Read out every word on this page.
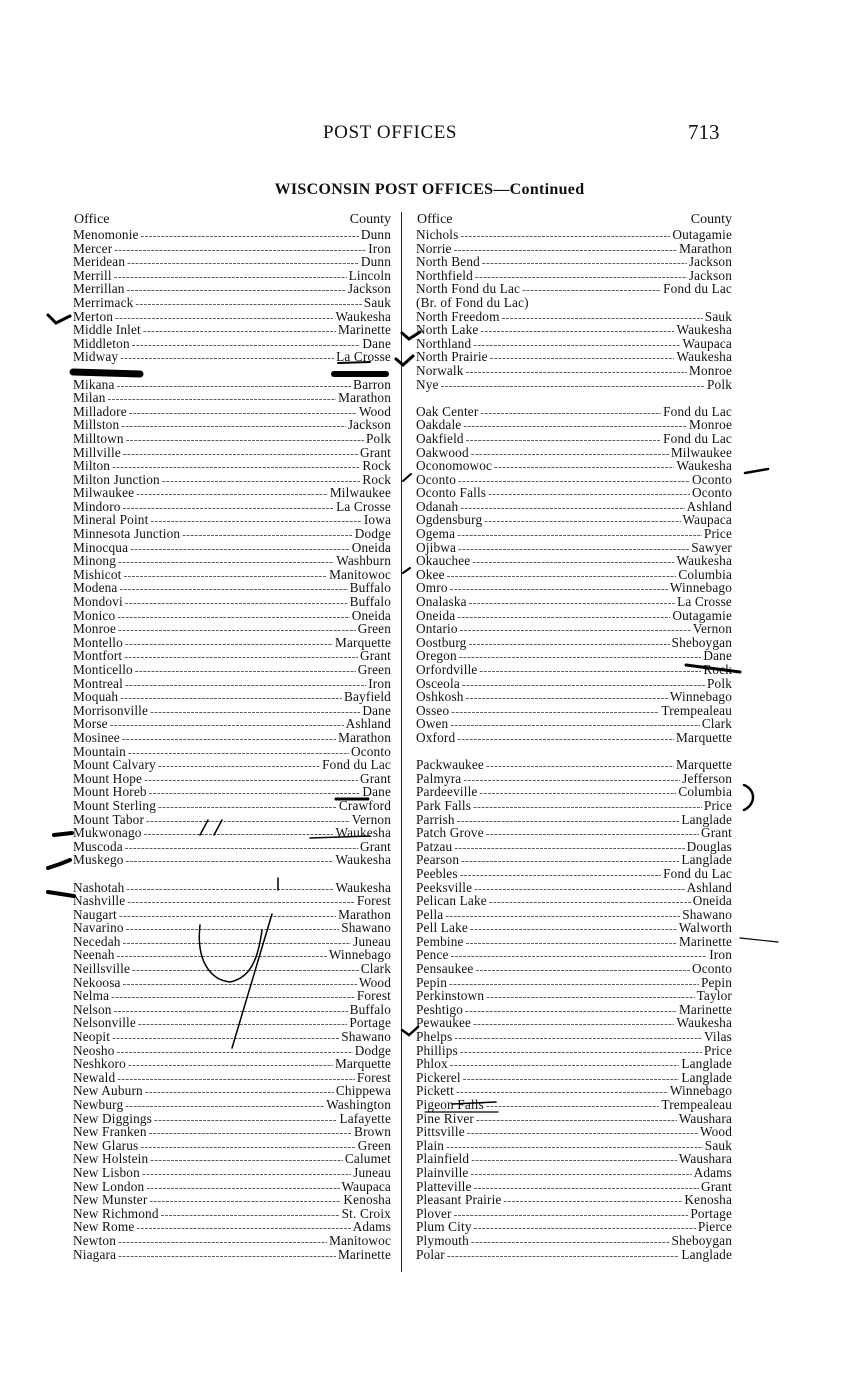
POST OFFICES	713
WISCONSIN POST OFFICES—Continued
Office	County
Menomonie -----	Dunn
Mercer -----	Iron
Meridean -----	Dunn
Merrill -----	Lincoln
Merrillan -----	Jackson
Merrimack -----	Sauk
Merton -----	Waukesha
Middle Inlet -----	Marinette
Middleton -----	Dane
Midway -----	La Crosse
Mikana -----	Barron
Milan -----	Marathon
Milladore -----	Wood
Millston -----	Jackson
Milltown -----	Polk
Millville -----	Grant
Milton -----	Rock
Milton Junction -----	Rock
Milwaukee -----	Milwaukee
Mindoro -----	La Crosse
Mineral Point -----	Iowa
Minnesota Junction -----	Dodge
Minocqua -----	Oneida
Minong -----	Washburn
Mishicot -----	Manitowoc
Modena -----	Buffalo
Mondovi -----	Buffalo
Monico -----	Oneida
Monroe -----	Green
Montello -----	Marquette
Montfort -----	Grant
Monticello -----	Green
Montreal -----	Iron
Moquah -----	Bayfield
Morrisonville -----	Dane
Morse -----	Ashland
Mosinee -----	Marathon
Mountain -----	Oconto
Mount Calvary -----	Fond du Lac
Mount Hope -----	Grant
Mount Horeb -----	Dane
Mount Sterling -----	Crawford
Mount Tabor -----	Vernon
Mukwonago -----	Waukesha
Muscoda -----	Grant
Muskego -----	Waukesha
Nashotah -----	Waukesha
Nashville -----	Forest
Naugart -----	Marathon
Navarino -----	Shawano
Necedah -----	Juneau
Neenah -----	Winnebago
Neillsville -----	Clark
Nekoosa -----	Wood
Nelma -----	Forest
Nelson -----	Buffalo
Nelsonville -----	Portage
Neopit -----	Shawano
Neosho -----	Dodge
Neshkoro -----	Marquette
Newald -----	Forest
New Auburn -----	Chippewa
Newburg -----	Washington
New Diggings -----	Lafayette
New Franken -----	Brown
New Glarus -----	Green
New Holstein -----	Calumet
New Lisbon -----	Juneau
New London -----	Waupaca
New Munster -----	Kenosha
New Richmond -----	St. Croix
New Rome -----	Adams
Newton -----	Manitowoc
Niagara -----	Marinette
Office	County
Nichols -----	Outagamie
Norrie -----	Marathon
North Bend -----	Jackson
Northfield -----	Jackson
North Fond du Lac -----	Fond du Lac
(Br. of Fond du Lac)
North Freedom -----	Sauk
North Lake -----	Waukesha
Northland -----	Waupaca
North Prairie -----	Waukesha
Norwalk -----	Monroe
Nye -----	Polk
Oak Center -----	Fond du Lac
Oakdale -----	Monroe
Oakfield -----	Fond du Lac
Oakwood -----	Milwaukee
Oconomowoc -----	Waukesha
Oconto -----	Oconto
Oconto Falls -----	Oconto
Odanah -----	Ashland
Ogdensburg -----	Waupaca
Ogema -----	Price
Ojibwa -----	Sawyer
Okauchee -----	Waukesha
Okee -----	Columbia
Omro -----	Winnebago
Onalaska -----	La Crosse
Oneida -----	Outagamie
Ontario -----	Vernon
Oostburg -----	Sheboygan
Oregon -----	Dane
Orfordville -----	Rock
Osceola -----	Polk
Oshkosh -----	Winnebago
Osseo -----	Trempealeau
Owen -----	Clark
Oxford -----	Marquette
Packwaukee -----	Marquette
Palmyra -----	Jefferson
Pardeeville -----	Columbia
Park Falls -----	Price
Parrish -----	Langlade
Patch Grove -----	Grant
Patzau -----	Douglas
Pearson -----	Langlade
Peebles -----	Fond du Lac
Peeksville -----	Ashland
Pelican Lake -----	Oneida
Pella -----	Shawano
Pell Lake -----	Walworth
Pembine -----	Marinette
Pence -----	Iron
Pensaukee -----	Oconto
Pepin -----	Pepin
Perkinstown -----	Taylor
Peshtigo -----	Marinette
Pewaukee -----	Waukesha
Phelps -----	Vilas
Phillips -----	Price
Phlox -----	Langlade
Pickerel -----	Langlade
Pickett -----	Winnebago
Pigeon Falls -----	Trempealeau
Pine River -----	Waushara
Pittsville -----	Wood
Plain -----	Sauk
Plainfield -----	Waushara
Plainville -----	Adams
Platteville -----	Grant
Pleasant Prairie -----	Kenosha
Plover -----	Portage
Plum City -----	Pierce
Plymouth -----	Sheboygan
Polar -----	Langlade
